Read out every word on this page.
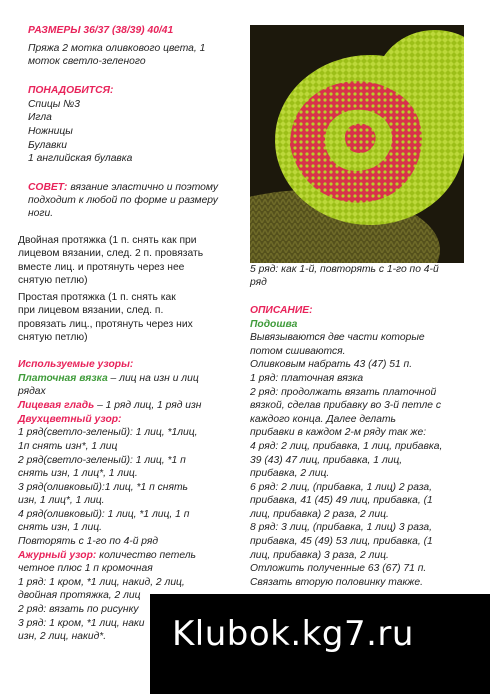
РАЗМЕРЫ 36/37 (38/39) 40/41
Пряжа 2 мотка оливкового цвета, 1
моток светло-зеленого
ПОНАДОБИТСЯ:
Спицы №3
Игла
Ножницы
Булавки
1 английская булавка
СОВЕТ: вязание эластично и поэтому
подходит к любой по форме и размеру
ноги.
Двойная протяжка (1 п. снять как при
лицевом вязании, след. 2 п. провязать
вместе лиц. и протянуть через нее
снятую петлю)
Простая протяжка (1 п. снять как
при лицевом вязании, след. п.
провязать лиц., протянуть через них
снятую петлю)
Используемые узоры:
Платочная вязка – лиц на изн и лиц
рядах
Лицевая гладь – 1 ряд лиц, 1 ряд изн
Двухцветный узор:
1 ряд(светло-зеленый): 1 лиц, *1лиц,
1п снять изн*, 1 лиц
2 ряд(светло-зеленый): 1 лиц, *1 п
снять изн, 1 лиц*, 1 лиц.
3 ряд(оливковый):1 лиц, *1 п снять
изн, 1 лиц*, 1 лиц.
4 ряд(оливковый): 1 лиц, *1 лиц, 1 п
снять изн, 1 лиц.
Повторять с 1-го по 4-й ряд
Ажурный узор: количество петель
четное плюс 1 п кромочная
1 ряд: 1 кром, *1 лиц, накид, 2 лиц,
двойная протяжка, 2 лиц
2 ряд: вязать по рисунку
3 ряд: 1 кром, *1 лиц, наки
изн, 2 лиц, накид*.
5 ряд: как 1-й, повторять с 1-го по 4-й
ряд
ОПИСАНИЕ:
Подошва
Вывязываются две части которые
потом сшиваются.
Оливковым набрать 43 (47) 51 п.
1 ряд: платочная вязка
2 ряд: продолжать вязать платочной
вязкой, сделав прибавку во 3-й петле с
каждого конца. Далее делать
прибавки в каждом 2-м ряду так же:
4 ряд: 2 лиц, прибавка, 1 лиц, прибавка,
39 (43) 47 лиц, прибавка, 1 лиц,
прибавка, 2 лиц.
6 ряд: 2 лиц, (прибавка, 1 лиц) 2 раза,
прибавка, 41 (45) 49 лиц, прибавка, (1
лиц, прибавка) 2 раза, 2 лиц.
8 ряд: 3 лиц, (прибавка, 1 лиц) 3 раза,
прибавка, 45 (49) 53 лиц, прибавка, (1
лиц, прибавка) 3 раза, 2 лиц.
Отложить полученные 63 (67) 71 п.
Связать вторую половинку также.
Klubok.kg7.ru
